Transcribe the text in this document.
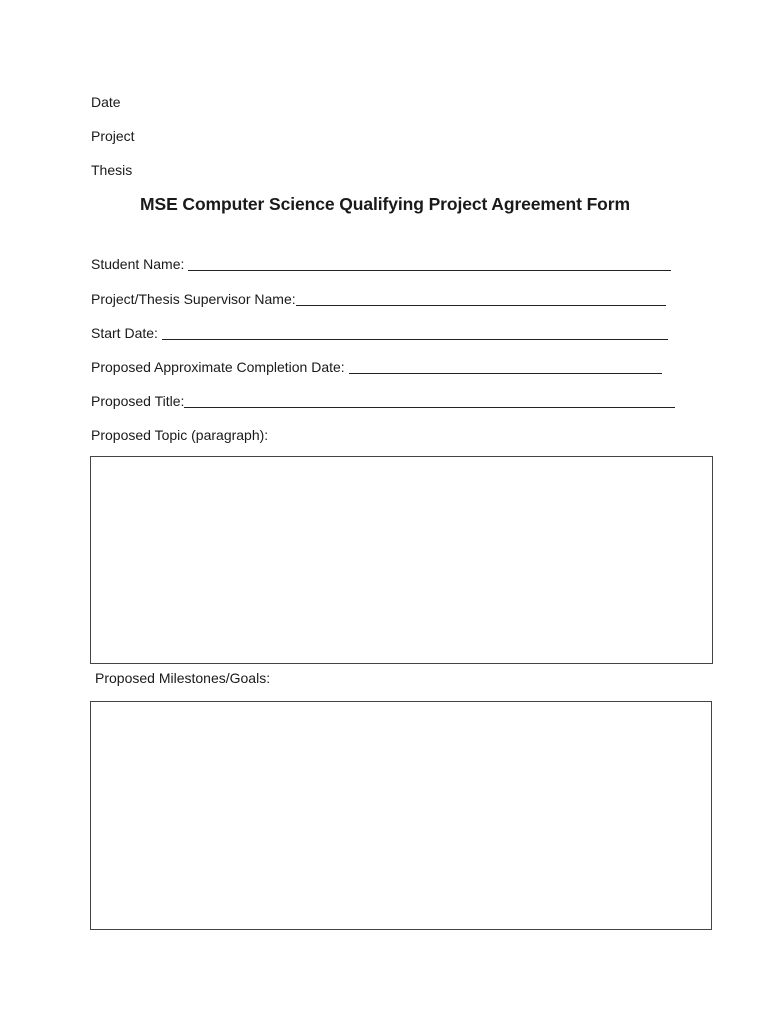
Date
Project
Thesis
MSE Computer Science Qualifying Project Agreement Form
Student Name:
Project/Thesis Supervisor Name:
Start Date:
Proposed Approximate Completion Date:
Proposed Title:
Proposed Topic (paragraph):
Proposed Milestones/Goals:
